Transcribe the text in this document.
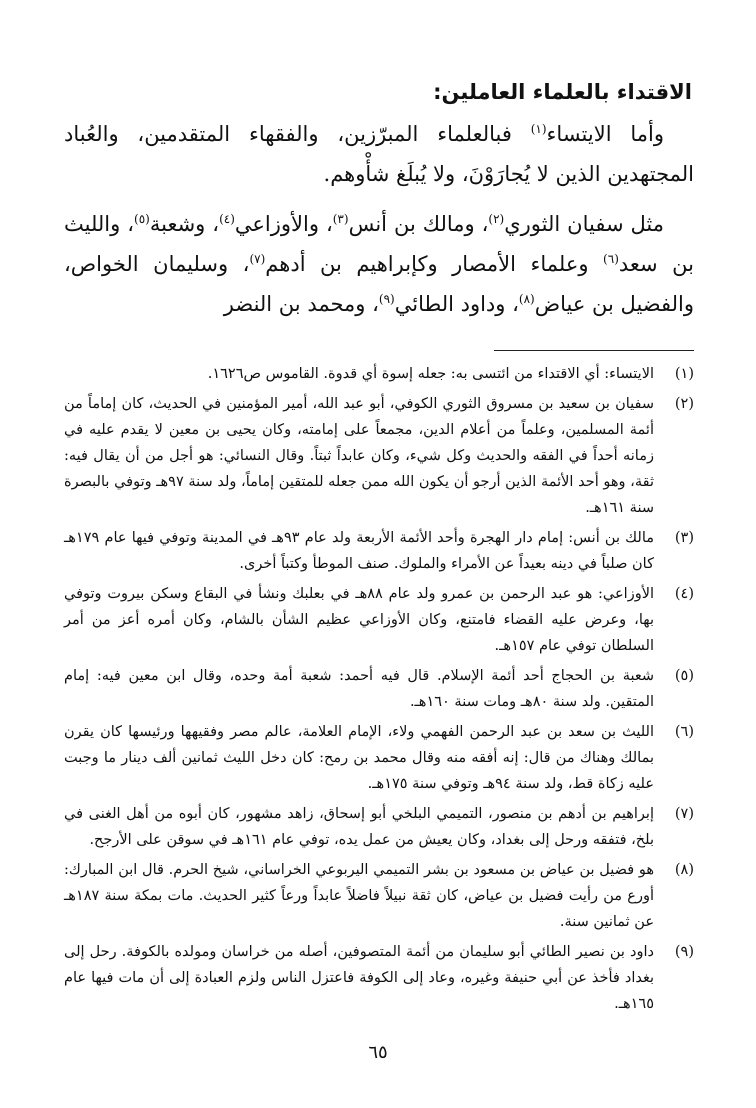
الاقتداء بالعلماء العاملين:

وأما الايتساء$^{(١)}$ فبالعلماء المبرّزين، والفقهاء المتقدمين، والعُباد المجتهدين الذين لا يُجارَوْنَ، ولا يُبلَغ شأْوهم.

مثل سفيان الثوري$^{(٢)}$، ومالك بن أنس$^{(٣)}$، والأوزاعي$^{(٤)}$، وشعبة$^{(٥)}$، والليث بن سعد$^{(٦)}$ وعلماء الأمصار وكإبراهيم بن أدهم$^{(٧)}$، وسليمان الخواص، والفضيل بن عياض$^{(٨)}$، وداود الطائي$^{(٩)}$، ومحمد بن النضر

(١)
الايتساء: أي الاقتداء من ائتسى به: جعله إسوة أي قدوة. القاموس ص١٦٢٦.
(٢)
سفيان بن سعيد بن مسروق الثوري الكوفي، أبو عبد الله، أمير المؤمنين في الحديث، كان إماماً من أئمة المسلمين، وعلماً من أعلام الدين، مجمعاً على إمامته، وكان يحيى بن معين لا يقدم عليه في زمانه أحداً في الفقه والحديث وكل شيء، وكان عابداً ثبتاً. وقال النسائي: هو أجل من أن يقال فيه: ثقة، وهو أحد الأئمة الذين أرجو أن يكون الله ممن جعله للمتقين إماماً، ولد سنة ٩٧هـ وتوفي بالبصرة سنة ١٦١هـ.
(٣)
مالك بن أنس: إمام دار الهجرة وأحد الأئمة الأربعة ولد عام ٩٣هـ في المدينة وتوفي فيها عام ١٧٩هـ كان صلباً في دينه بعيداً عن الأمراء والملوك. صنف الموطأ وكتباً أخرى.
(٤)
الأوزاعي: هو عبد الرحمن بن عمرو ولد عام ٨٨هـ في بعلبك ونشأ في البقاع وسكن بيروت وتوفي بها، وعرض عليه القضاء فامتنع، وكان الأوزاعي عظيم الشأن بالشام، وكان أمره أعز من أمر السلطان توفي عام ١٥٧هـ.
(٥)
شعبة بن الحجاج أحد أئمة الإسلام. قال فيه أحمد: شعبة أمة وحده، وقال ابن معين فيه: إمام المتقين. ولد سنة ٨٠هـ ومات سنة ١٦٠هـ.
(٦)
الليث بن سعد بن عبد الرحمن الفهمي ولاء، الإمام العلامة، عالم مصر وفقيهها ورئيسها كان يقرن بمالك وهناك من قال: إنه أفقه منه وقال محمد بن رمح: كان دخل الليث ثمانين ألف دينار ما وجبت عليه زكاة قط، ولد سنة ٩٤هـ وتوفي سنة ١٧٥هـ.
(٧)
إبراهيم بن أدهم بن منصور، التميمي البلخي أبو إسحاق، زاهد مشهور، كان أبوه من أهل الغنى في بلخ، فتفقه ورحل إلى بغداد، وكان يعيش من عمل يده، توفي عام ١٦١هـ في سوقن على الأرجح.
(٨)
هو فضيل بن عياض بن مسعود بن بشر التميمي اليربوعي الخراساني، شيخ الحرم. قال ابن المبارك: أورع من رأيت فضيل بن عياض، كان ثقة نبيلاً فاضلاً عابداً ورعاً كثير الحديث. مات بمكة سنة ١٨٧هـ عن ثمانين سنة.
(٩)
داود بن نصير الطائي أبو سليمان من أئمة المتصوفين، أصله من خراسان ومولده بالكوفة. رحل إلى بغداد فأخذ عن أبي حنيفة وغيره، وعاد إلى الكوفة فاعتزل الناس ولزم العبادة إلى أن مات فيها عام ١٦٥هـ.
٦٥
